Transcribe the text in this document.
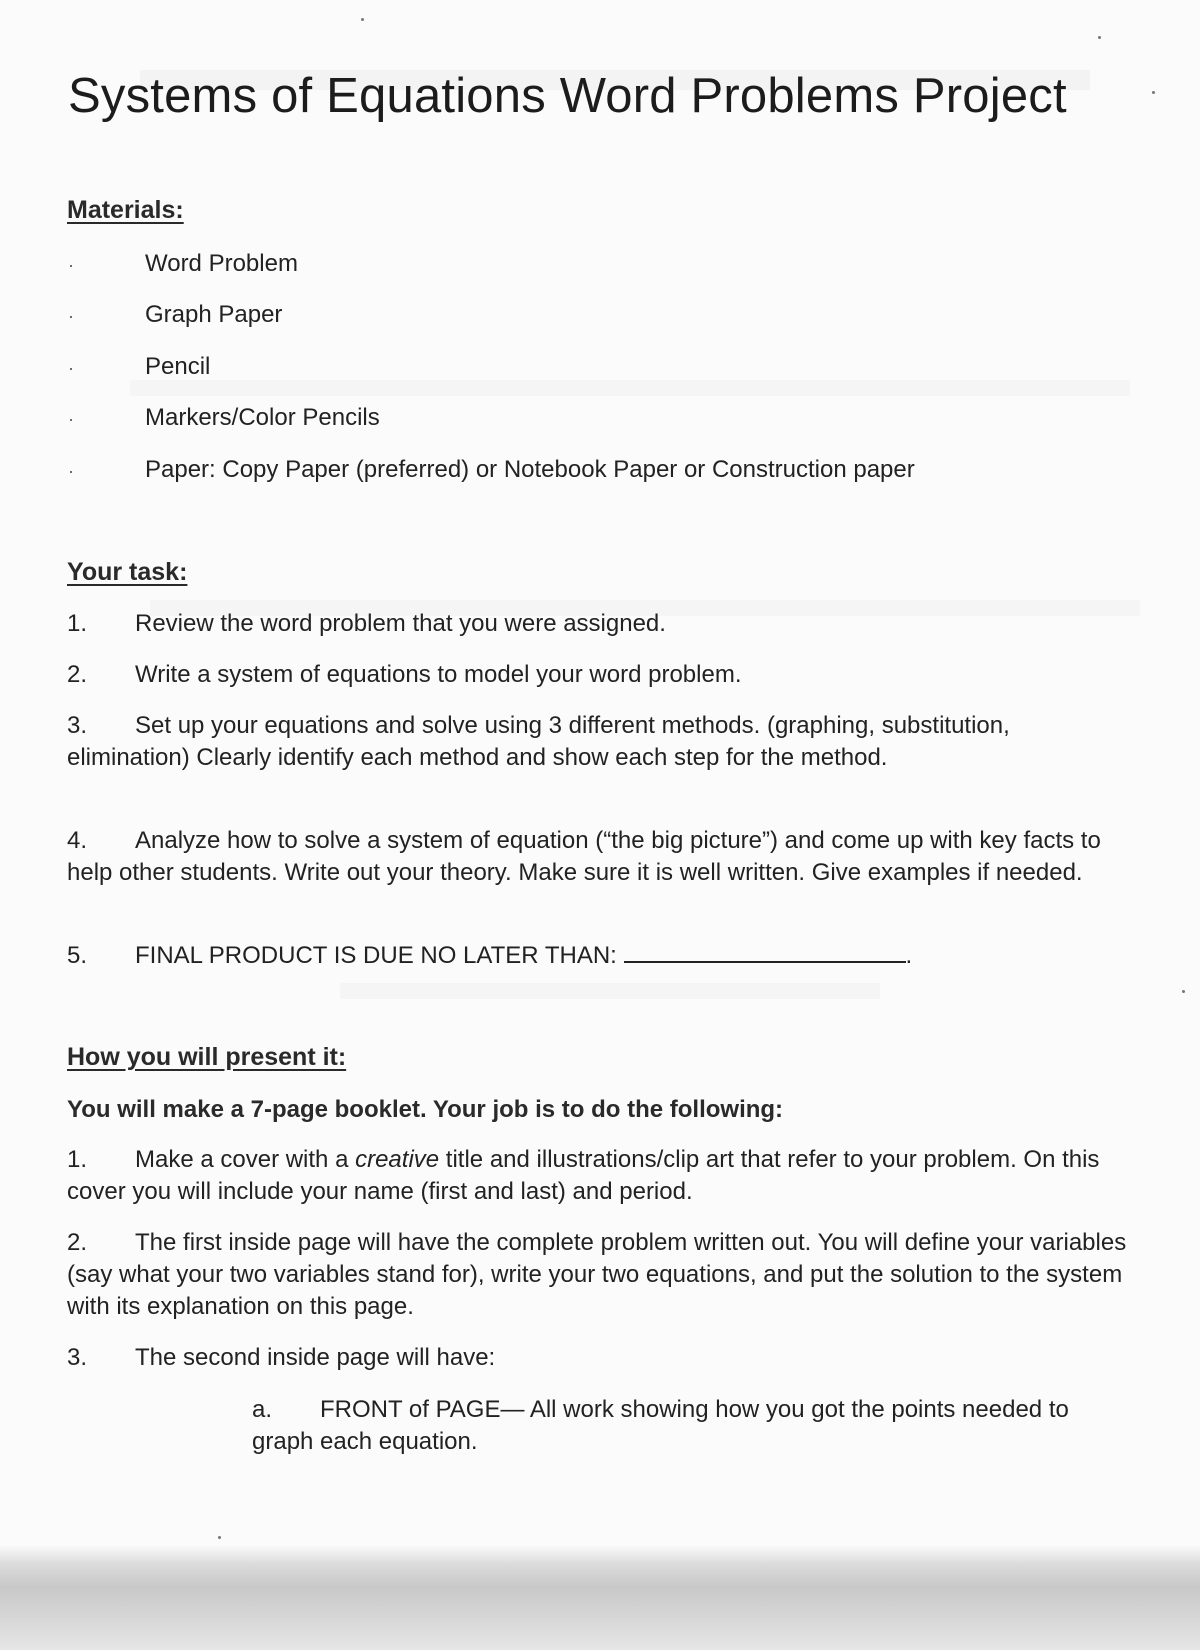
Systems of Equations Word Problems Project
Materials:
·	Word Problem
·	Graph Paper
·	Pencil
·	Markers/Color Pencils
·	Paper: Copy Paper (preferred) or Notebook Paper or Construction paper
Your task:
1. Review the word problem that you were assigned.
2. Write a system of equations to model your word problem.
3. Set up your equations and solve using 3 different methods. (graphing, substitution, elimination) Clearly identify each method and show each step for the method.
4. Analyze how to solve a system of equation (“the big picture”) and come up with key facts to help other students. Write out your theory. Make sure it is well written. Give examples if needed.
5. FINAL PRODUCT IS DUE NO LATER THAN:	.
How you will present it:
You will make a 7-page booklet. Your job is to do the following:
1. Make a cover with a creative title and illustrations/clip art that refer to your problem. On this cover you will include your name (first and last) and period.
2. The first inside page will have the complete problem written out. You will define your variables (say what your two variables stand for), write your two equations, and put the solution to the system with its explanation on this page.
3. The second inside page will have:
a. FRONT of PAGE— All work showing how you got the points needed to graph each equation.
